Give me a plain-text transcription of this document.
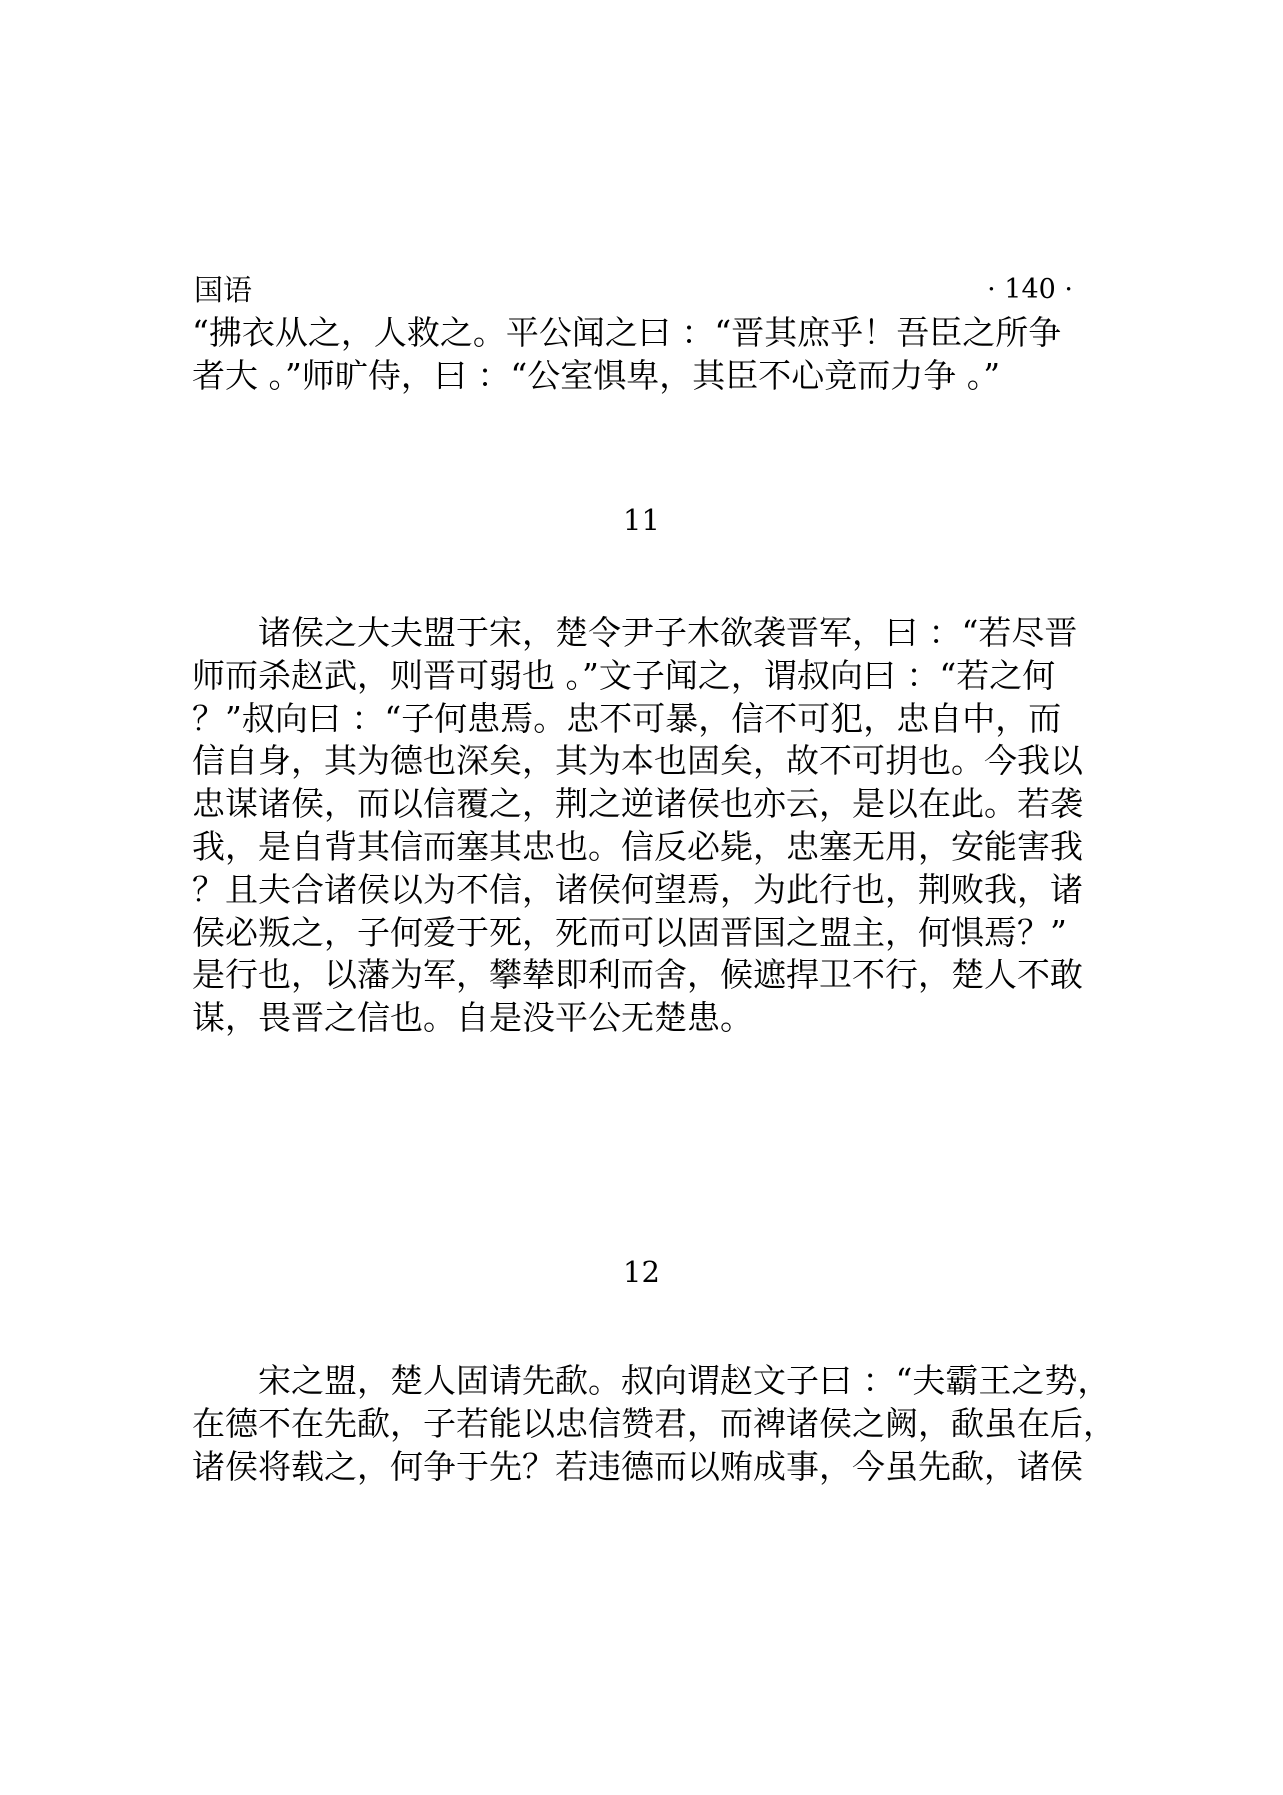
国语	· 140 ·

“拂衣从之，人救之。平公闻之曰 ：“晋其庶乎！吾臣之所争
者大 。”师旷侍，曰 ：“公室惧卑，其臣不心竞而力争 。”

11

诸侯之大夫盟于宋，楚令尹子木欲袭晋军，曰 ：“若尽晋
师而杀赵武，则晋可弱也 。”文子闻之，谓叔向曰 ：“若之何
？”叔向曰 ：“子何患焉。忠不可暴，信不可犯，忠自中，而
信自身，其为德也深矣，其为本也固矣，故不可抈也。今我以
忠谋诸侯，而以信覆之，荆之逆诸侯也亦云，是以在此。若袭
我，是自背其信而塞其忠也。信反必毙，忠塞无用，安能害我
？且夫合诸侯以为不信，诸侯何望焉，为此行也，荆败我，诸
侯必叛之，子何爱于死，死而可以固晋国之盟主，何惧焉？”
是行也，以藩为军，攀辇即利而舍，候遮捍卫不行，楚人不敢
谋，畏晋之信也。自是没平公无楚患。

12

宋之盟，楚人固请先歃。叔向谓赵文子曰 ：“夫霸王之势，
在德不在先歃，子若能以忠信赞君，而裨诸侯之阙，歃虽在后，
诸侯将载之，何争于先？若违德而以贿成事，今虽先歃，诸侯
